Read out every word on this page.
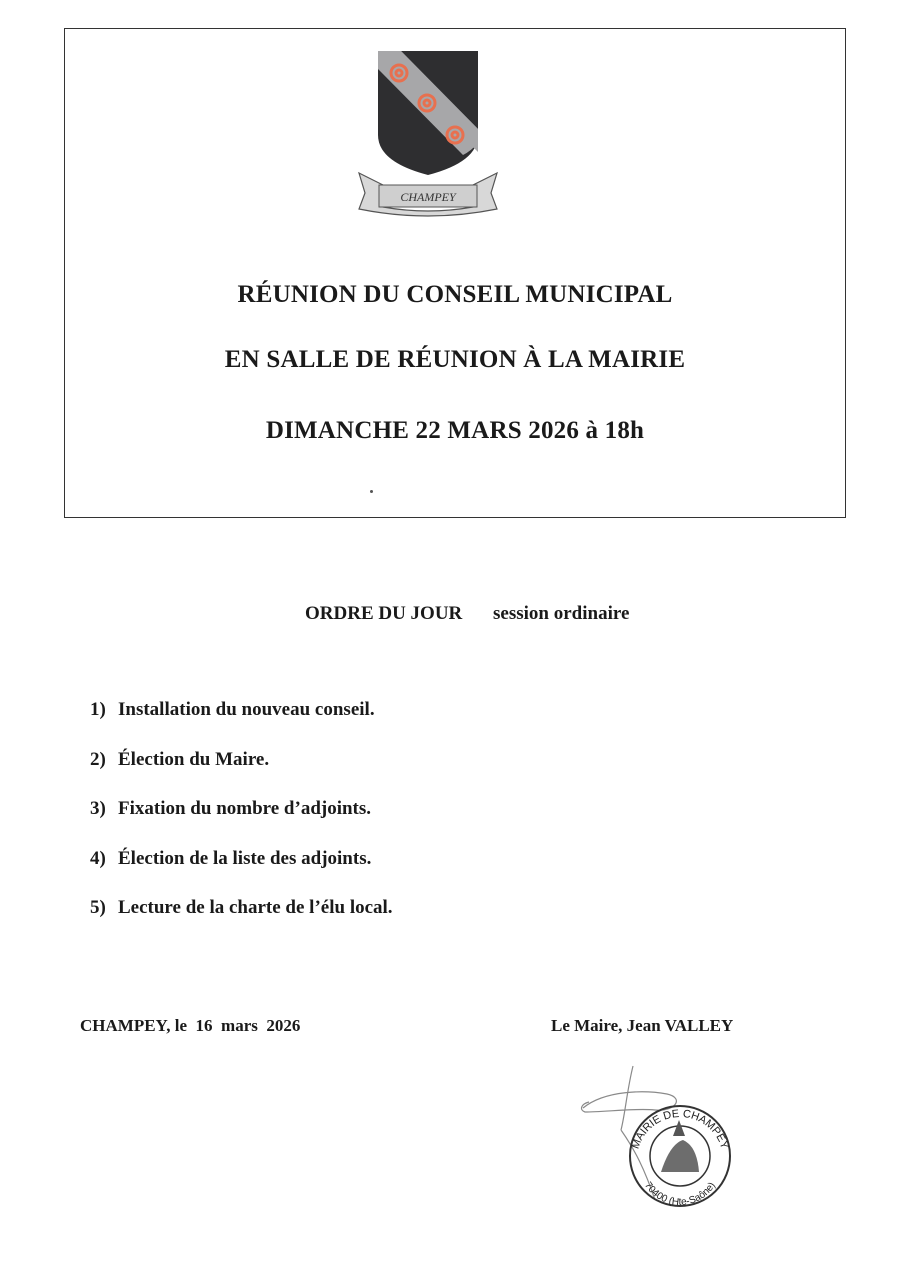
CHAMPEY
RÉUNION DU CONSEIL MUNICIPAL
EN SALLE DE RÉUNION À LA MAIRIE
DIMANCHE 22 MARS 2026 à 18h
ORDRE DU JOUR session ordinaire
1) Installation du nouveau conseil.
2) Élection du Maire.
3) Fixation du nombre d’adjoints.
4) Élection de la liste des adjoints.
5) Lecture de la charte de l’élu local.
CHAMPEY, le  16  mars  2026	Le Maire, Jean VALLEY
MAIRIE DE CHAMPEY
70400 (Hte-Saône)
